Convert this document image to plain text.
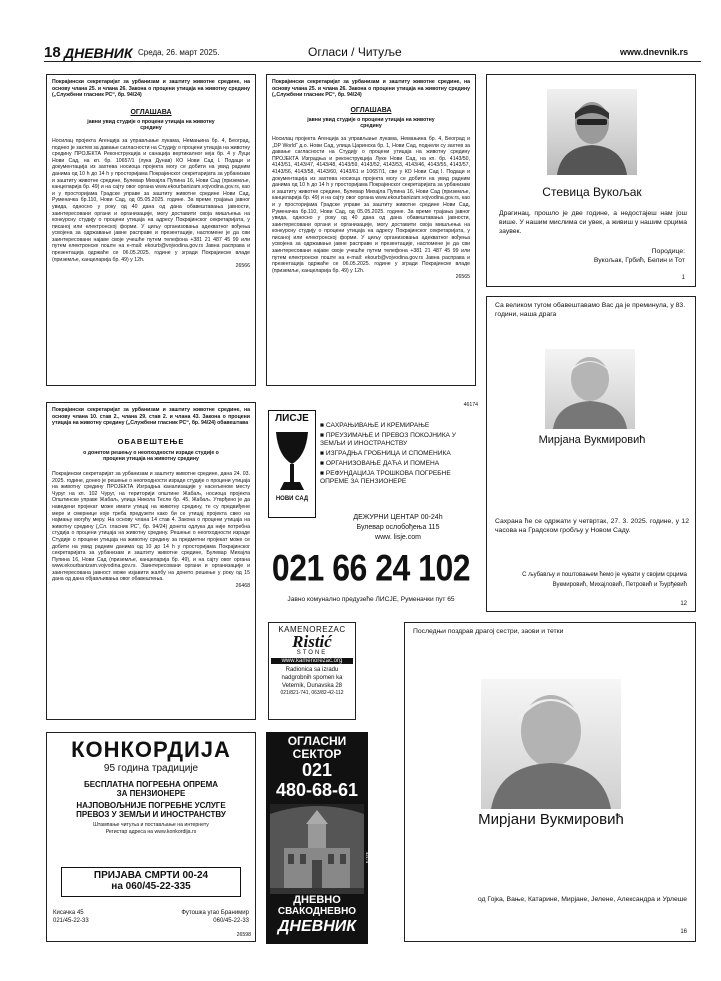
18 ДНЕВНИК Среда, 26. март 2025.	Огласи / Читуље	www.dnevnik.rs
Покрајински секретаријат за урбанизам и заштиту животне средине, на основу члана 25. и члана 26. Закона о процени утицаја на животну средину („Службени гласник РС“, бр. 94/24)
ОГЛАШАВА
јавни увид студије о процени утицаја на животну средину
Носилац пројекта Агенција за управљање лукама, Немањина бр. 4, Београд, поднео је захтев за давање сагласности на Студију о процени утицаја на животну средину ПРОЈЕКТА Реконструкција и санација вертикалног кеја бр. 4 у Луци Нови Сад, на кп. бр. 10657/1 (лука Дунав) КО Нови Сад I. Подаци и документација из захтева носиоца пројекта могу се добити на увид радним данима од 10 h до 14 h у просторијама Покрајинског секретаријата за урбанизам и заштиту животне средине, Булевар Михајла Пупина 16, Нови Сад (приземље, канцеларија бр. 49) и на сајту овог органа www.ekourbanizam.vojvodina.gov.rs, као и у просторијама Градске управе за заштиту животне средине Нови Сад, Руменачка бр.110, Нови Сад, од 05.05.2025. године. За време трајања јавног увида, односно у року од 40 дана од дана обавештавања јавности, заинтересовани органи и организације, могу доставити своја мишљења на конкурсну студију о процени утицаја на адресу Покрајинског секретаријата, у писаној или електронској форми. У циљу организовања адекватног вођења усвојена за одржавање јавне расправе и презентације, наспомене је да сви заинтересовани најаве своје учешће путем телефона +381 21 487 45 99 или путем електронске поште на e-mail: ekourb@vojvodina.gov.rs Јавна расправа и презентација одржаће се 06.05.2025. године у згради Покрајинске владе (приземље, канцеларија бр. 49) у 12h.
26566
Покрајински секретаријат за урбанизам и заштиту животне средине, на основу члана 25. и члана 26. Закона о процени утицаја на животну средину („Службени гласник РС“, бр. 94/24)
ОГЛАШАВА
јавни увид студије о процени утицаја на животну средину
Носилац пројекта Агенција за управљање лукама, Немањина бр. 4, Београд и „DP World“ д.о. Нови Сад, улица Царинска бр. 1, Нови Сад, поднели су захтев за давање сагласности на Студију о процени утицаја на животну средину ПРОЈЕКТА Изградња и реконструкција Луке Нови Сад, на кп. бр. 4143/50, 4143/51, 4143/47, 4143/48, 4143/59, 4143/52, 4143/53, 4143/46, 4143/55, 4143/57, 4143/56, 4143/58, 4143/60, 4143/61 и 10657/1, све у КО Нови Сад I. Подаци и документација из захтева носиоца пројекта могу се добити на увид радним данима од 10 h до 14 h у просторијама Покрајинског секретаријата за урбанизам и заштиту животне средине, Булевар Михајла Пупина 16, Нови Сад (приземље, канцеларија бр. 49) и на сајту овог органа www.ekourbanizam.vojvodina.gov.rs, као и у просторијама Градске управе за заштиту животне средине Нови Сад, Руменачка бр.110, Нови Сад, од 05.05.2025. године. За време трајања јавног увида, односно у року од 40 дана од дана обавештавања јавности, заинтересовани органи и организације, могу доставити своја мишљења на конкурсну студију о процени утицаја на адресу Покрајинског секретаријата, у писаној или електронској форми. У циљу организовања адекватног вођења усвојена за одржавање јавне расправе и презентације, наспомене је да сви заинтересовани најаве своје учешће путем телефона +381 21 487 45 99 или путем електронске поште на e-mail: ekourb@vojvodina.gov.rs Јавна расправа и презентација одржаће се 06.05.2025. године у згради Покрајинске владе (приземље, канцеларија бр. 49) у 12h.
26565
Стевица Вукољак
Драгинац, прошло је две године, а недостајеш нам још више. У нашим мислима си увек, а живиш у нашим срцима заувек.
Породице:
Вукољак, Грбић, Белин и Тот
1
Са великом тугом обавештавамо Вас да је преминула, у 83. години, наша драга
Мирјана Вукмировић
Сахрана ће се одржати у четвртак, 27. 3. 2025. године, у 12 часова на Градском гробљу у Новом Саду.
С љубављу и поштовањем ћемо је чувати у својим срцима
Вукмировић, Михајловић, Петровић и Ђурђевић
12
Покрајински секретаријат за урбанизам и заштиту животне средине, на основу члана 10. став 2., члана 29. став 2. и члана 43. Закона о процени утицаја на животну средину („Службени гласник РС“, бр. 94/24) обавештава
ОБАВЕШТЕЊЕ
о донетом решењу о неопходности израде студије о процени утицаја на животну средину
Покрајински секретаријат за урбанизам и заштиту животне средине, дана 24. 03. 2025. године, донео је решење о неопходности израде студије о процени утицаја на животну средину ПРОЈЕКТА Изградња канализације у насељеном месту Чуруг на кп. 102 Чуруг, на територији општине Жабаљ, носиоца пројекта Општинске управе Жабаљ, улица Никола Тесле бр. 45, Жабаљ. Утврђено је да наведени пројекат може имати утицај на животну средину, те су предвиђене мере и смернице које треба предузети како би се утицај пројекта свео на најмању могућу меру. На основу члана 14 став 4. Закона о процени утицаја на животну средину („Сл. гласник РС“, бр. 94/24) донета одлука да није потребна студија о процени утицаја на животну средину. Решење о неопходности израде Студије о процени утицаја на животну средину за предметни пројекат може се добити на увид радним данима од 10 до 14 h у просторијама Покрајинског секретаријата за урбанизам и заштиту животне средине, Булевар Михајла Пупина 16, Нови Сад (приземље, канцеларија бр. 49), и на сајту овог органа www.ekourbanizam.vojvodina.gov.rs. Заинтересовани органи и организације и заинтересована јавност може изјавити жалбу на донето решење у року од 15 дана од дана објављивања овог обавештења.
26468
46174
ЛИСЈЕ
НОВИ САД
■ САХРАЊИВАЊЕ И КРЕМИРАЊЕ
■ ПРЕУЗИМАЊЕ И ПРЕВОЗ ПОКОЈНИКА У ЗЕМЉИ И ИНОСТРАНСТВУ
■ ИЗГРАДЊА ГРОБНИЦА И СПОМЕНИКА
■ ОРГАНИЗОВАЊЕ ДАЋА И ПОМЕНА
■ РЕФУНДАЦИЈА ТРОШКОВА ПОГРЕБНЕ ОПРЕМЕ ЗА ПЕНЗИОНЕРЕ
ДЕЖУРНИ ЦЕНТАР 00-24h
Булевар ослобођења 115
www. lisje.com
021 66 24 102
Јавно комунално предузеће ЛИСЈЕ, Руменачки пут 65
KAMENOREZAC
Ristić
STONE
www.kamenorezac.org
Radionica sa izradu
nadgrobnih spomen ka
Veternik, Dunavska 28
021/821-741, 063/82-42-112
КОНКОРДИЈА
95 година традиције
БЕСПЛАТНА ПОГРЕБНА ОПРЕМА
ЗА ПЕНЗИОНЕРЕ
НАЈПОВОЉНИЈЕ ПОГРЕБНЕ УСЛУГЕ
ПРЕВОЗ У ЗЕМЉИ И ИНОСТРАНСТВУ
Штампање читуља и постављање на интернету
Регистар адреса на www.konkordija.rs
ПРИЈАВА СМРТИ 00-24
на 060/45-22-335
Кисачка 45
021/45-22-33
Футошка угао Бранимир
060/45-22-33
26598
ОГЛАСНИ
СЕКТОР
021
480-68-61
ДНЕВНО
СВАКОДНЕВНО
ДНЕВНИК
42174
Последњи поздрав драгој сестри, заови и тетки
Мирјани Вукмировић
од Гојка, Вање, Катарине, Мирјане, Јелене, Александра и Урлеше
16
